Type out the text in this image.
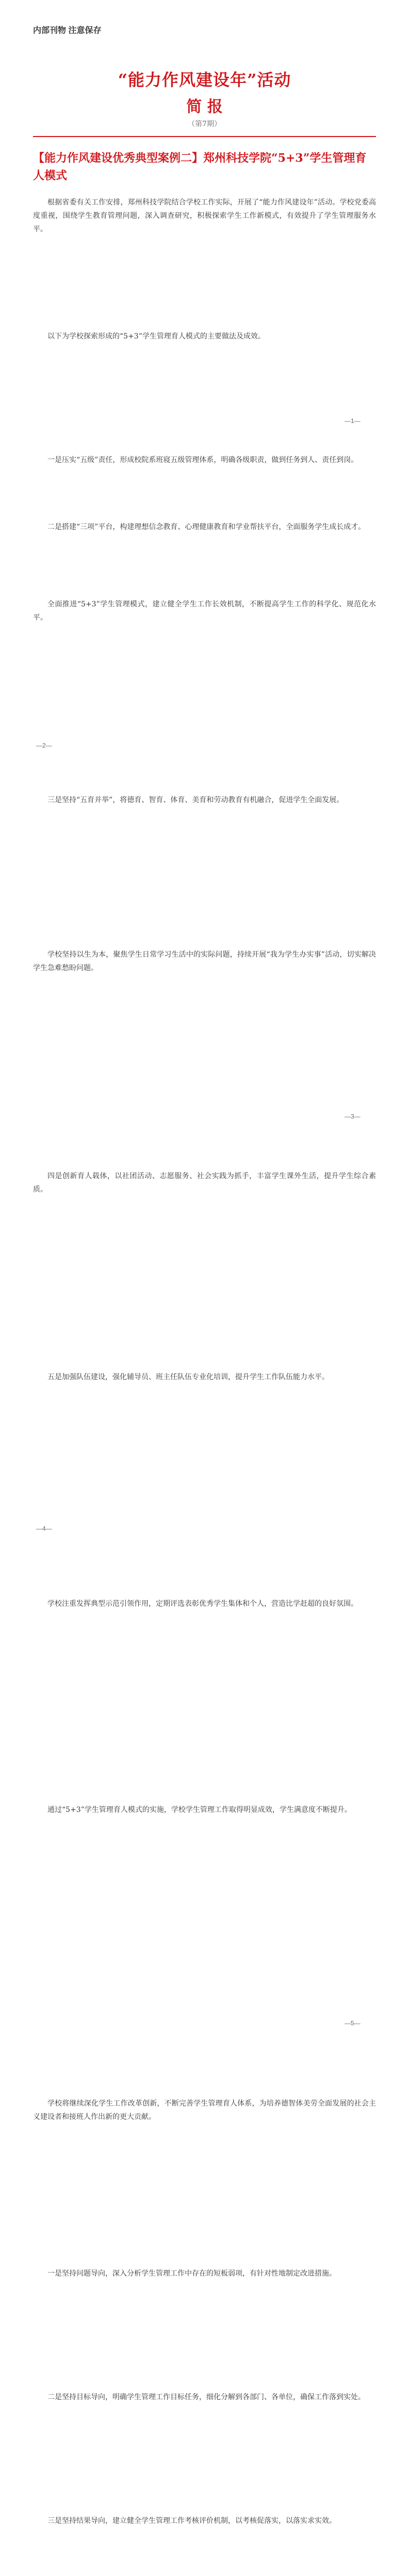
内部刊物 注意保存
“能力作风建设年”活动
简 报
（第7期）
【能力作风建设优秀典型案例二】郑州科技学院“5+3”学生管理育人模式
根据省委有关工作安排，郑州科技学院结合学校工作实际，开展了“能力作风建设年”活动。学校党委高度重视，围绕学生教育管理问题，深入调查研究，积极探索学生工作新模式，有效提升了学生管理服务水平。
以下为学校探索形成的“5+3”学生管理育人模式的主要做法及成效。
—1—
一是压实“五级”责任，形成校院系班寝五级管理体系，明确各级职责，做到任务到人、责任到岗。
二是搭建“三项”平台，构建理想信念教育、心理健康教育和学业帮扶平台，全面服务学生成长成才。
全面推进“5+3”学生管理模式，建立健全学生工作长效机制，不断提高学生工作的科学化、规范化水平。
—2—
三是坚持“五育并举”，将德育、智育、体育、美育和劳动教育有机融合，促进学生全面发展。
学校坚持以生为本，聚焦学生日常学习生活中的实际问题，持续开展“我为学生办实事”活动，切实解决学生急难愁盼问题。
—3—
四是创新育人载体，以社团活动、志愿服务、社会实践为抓手，丰富学生课外生活，提升学生综合素质。
五是加强队伍建设，强化辅导员、班主任队伍专业化培训，提升学生工作队伍能力水平。
—4—
学校注重发挥典型示范引领作用，定期评选表彰优秀学生集体和个人，营造比学赶超的良好氛围。
通过“5+3”学生管理育人模式的实施，学校学生管理工作取得明显成效，学生满意度不断提升。
—5—
学校将继续深化学生工作改革创新，不断完善学生管理育人体系，为培养德智体美劳全面发展的社会主义建设者和接班人作出新的更大贡献。
一是坚持问题导向，深入分析学生管理工作中存在的短板弱项，有针对性地制定改进措施。
二是坚持目标导向，明确学生管理工作目标任务，细化分解到各部门、各单位，确保工作落到实处。
三是坚持结果导向，建立健全学生管理工作考核评价机制，以考核促落实，以落实求实效。
